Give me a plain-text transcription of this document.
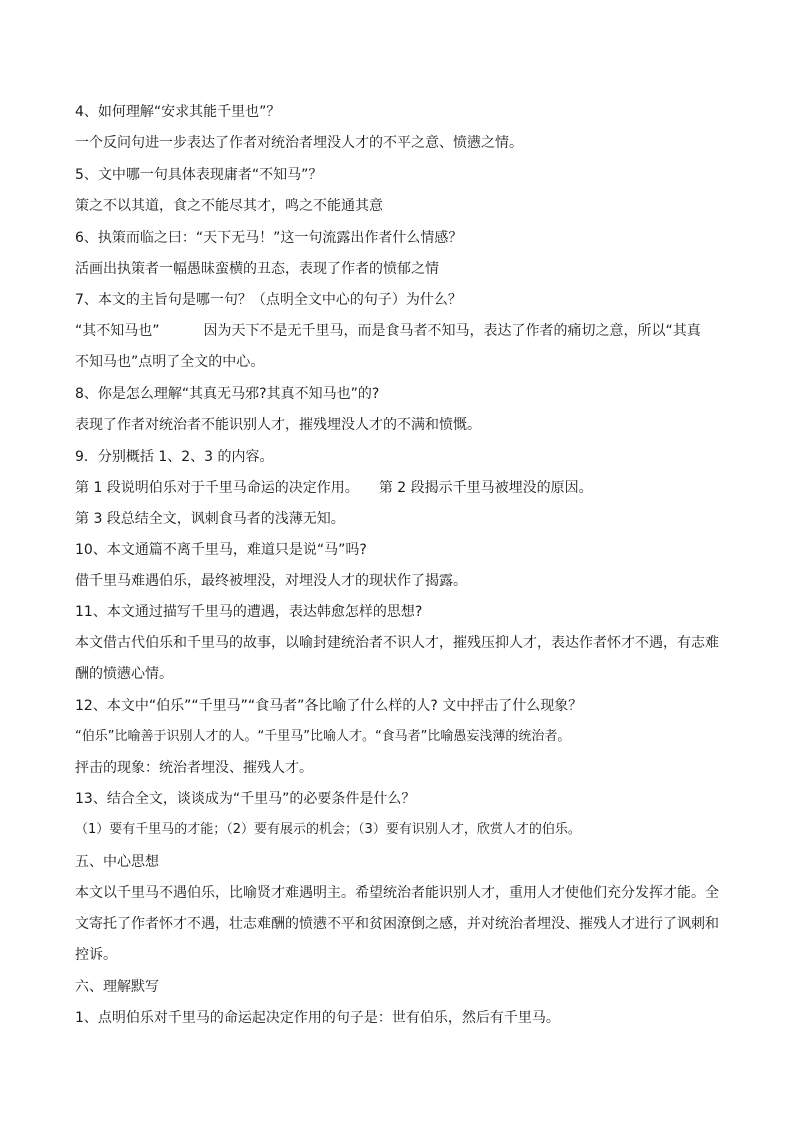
4、如何理解“安求其能千里也”？
一个反问句进一步表达了作者对统治者埋没人才的不平之意、愤懑之情。
5、文中哪一句具体表现庸者“不知马”？
策之不以其道，食之不能尽其才，鸣之不能通其意
6、执策而临之曰：“天下无马！”这一句流露出作者什么情感？
活画出执策者一幅愚昧蛮横的丑态，表现了作者的愤郁之情
7、本文的主旨句是哪一句？（点明全文中心的句子）为什么？
“其不知马也”	因为天下不是无千里马，而是食马者不知马，表达了作者的痛切之意，所以“其真
不知马也”点明了全文的中心。
8、你是怎么理解“其真无马邪?其真不知马也”的?
表现了作者对统治者不能识别人才，摧残埋没人才的不满和愤慨。
9．分别概括 1、2、3 的内容。
第 1 段说明伯乐对于千里马命运的决定作用。 第 2 段揭示千里马被埋没的原因。
第 3 段总结全文，讽刺食马者的浅薄无知。
10、本文通篇不离千里马，难道只是说“马”吗?
借千里马难遇伯乐，最终被埋没，对埋没人才的现状作了揭露。
11、本文通过描写千里马的遭遇，表达韩愈怎样的思想?
本文借古代伯乐和千里马的故事，以喻封建统治者不识人才，摧残压抑人才，表达作者怀才不遇，有志难
酬的愤懑心情。
12、本文中“伯乐”“千里马”“食马者”各比喻了什么样的人? 文中抨击了什么现象？
“伯乐”比喻善于识别人才的人。“千里马”比喻人才。“食马者”比喻愚妄浅薄的统治者。
抨击的现象：统治者埋没、摧残人才。
13、结合全文，谈谈成为“千里马”的必要条件是什么？
（1）要有千里马的才能；（2）要有展示的机会；（3）要有识别人才，欣赏人才的伯乐。
五、中心思想
本文以千里马不遇伯乐，比喻贤才难遇明主。希望统治者能识别人才，重用人才使他们充分发挥才能。全
文寄托了作者怀才不遇，壮志难酬的愤懑不平和贫困潦倒之感，并对统治者埋没、摧残人才进行了讽刺和
控诉。
六、理解默写
1、点明伯乐对千里马的命运起决定作用的句子是：世有伯乐，然后有千里马。
